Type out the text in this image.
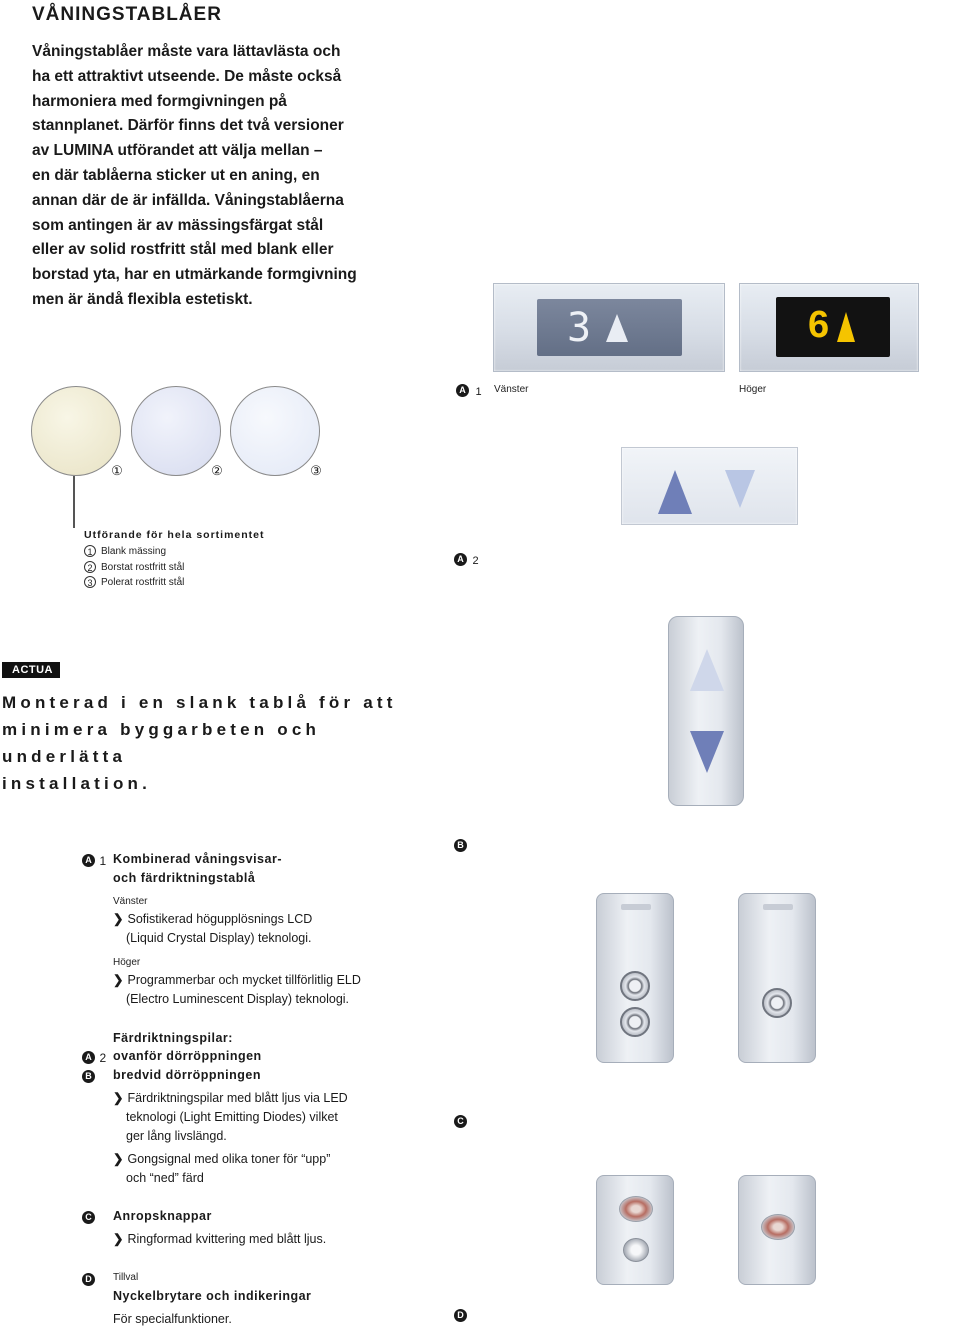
VÅNINGSTABLÅER
Våningstablåer måste vara lättavlästa och
ha ett attraktivt utseende. De måste också
harmoniera med formgivningen på
stannplanet. Därför finns det två versioner
av LUMINA utförandet att välja mellan –
en där tablåerna sticker ut en aning, en
annan där de är infällda. Våningstablåerna
som antingen är av mässingsfärgat stål
eller av solid rostfritt stål med blank eller
borstad yta, har en utmärkande formgivning
men är ändå flexibla estetiskt.
3	6
A 1 Vänster	Höger
①	②	③
Utförande för hela sortimentet
1 Blank mässing
2 Borstat rostfritt stål
3 Polerat rostfritt stål
A 2
ACTUA
Monterad i en slank tablå för att
minimera byggarbeten och underlätta
installation.
A 1 Kombinerad våningsvisar-
och färdriktningstablå
Vänster
❯ Sofistikerad högupplösnings LCD
(Liquid Crystal Display) teknologi.
Höger
❯ Programmerbar och mycket tillförlitlig ELD
(Electro Luminescent Display) teknologi.
Färdriktningspilar:
A 2 ovanför dörröppningen
B bredvid dörröppningen
❯ Färdriktningspilar med blått ljus via LED
teknologi (Light Emitting Diodes) vilket
ger lång livslängd.
❯ Gongsignal med olika toner för “upp”
och “ned” färd
C Anropsknappar
❯ Ringformad kvittering med blått ljus.
D	Tillval
Nyckelbrytare och indikeringar
För specialfunktioner.
B
C
D
